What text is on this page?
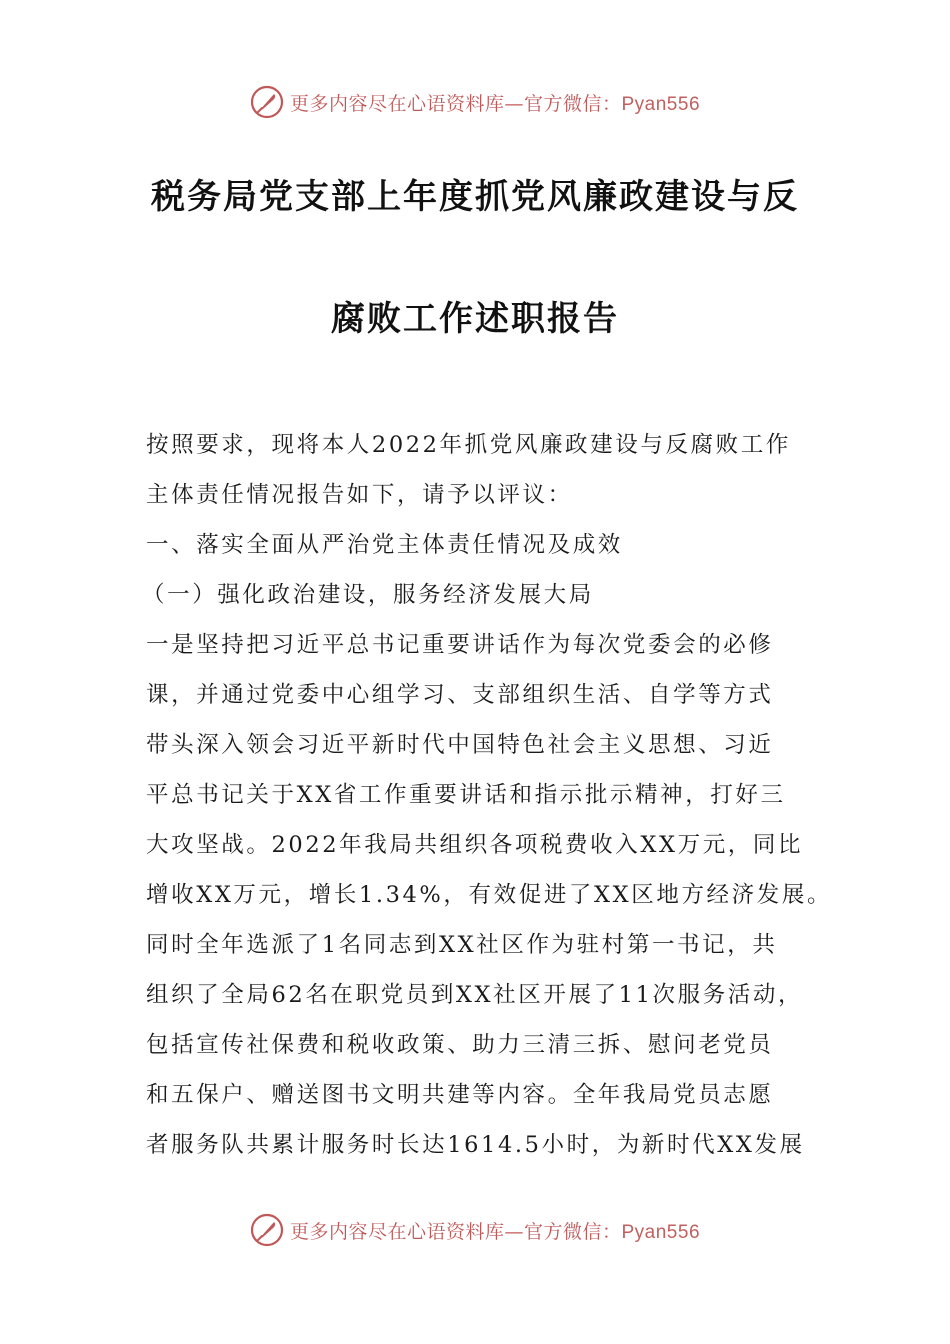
更多内容尽在心语资料库—官方微信：Pyan556
税务局党支部上年度抓党风廉政建设与反
腐败工作述职报告

按照要求，现将本人2022年抓党风廉政建设与反腐败工作

主体责任情况报告如下，请予以评议：

一、落实全面从严治党主体责任情况及成效

（一）强化政治建设，服务经济发展大局

一是坚持把习近平总书记重要讲话作为每次党委会的必修

课，并通过党委中心组学习、支部组织生活、自学等方式

带头深入领会习近平新时代中国特色社会主义思想、习近

平总书记关于XX省工作重要讲话和指示批示精神，打好三

大攻坚战。2022年我局共组织各项税费收入XX万元，同比

增收XX万元，增长1.34%，有效促进了XX区地方经济发展。

同时全年选派了1名同志到XX社区作为驻村第一书记，共

组织了全局62名在职党员到XX社区开展了11次服务活动，

包括宣传社保费和税收政策、助力三清三拆、慰问老党员

和五保户、赠送图书文明共建等内容。全年我局党员志愿

者服务队共累计服务时长达1614.5小时，为新时代XX发展

更多内容尽在心语资料库—官方微信：Pyan556
